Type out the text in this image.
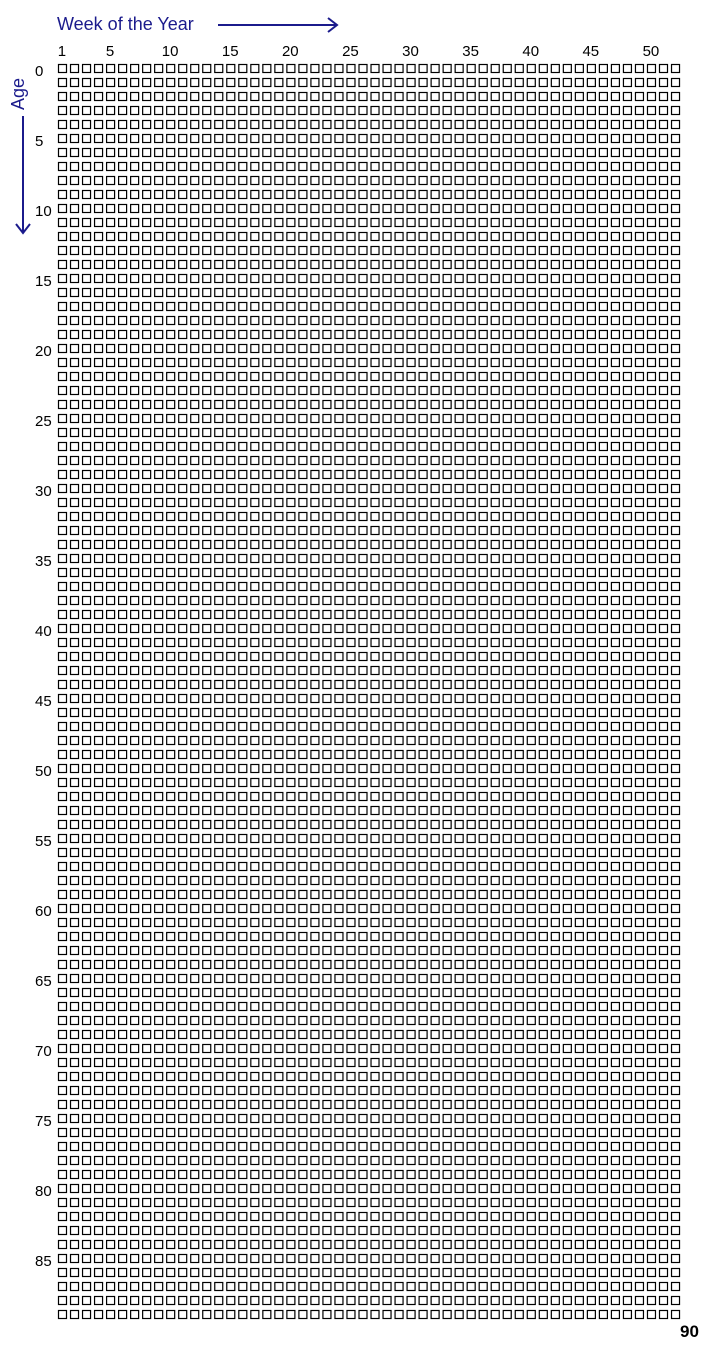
Week of the Year
Age
1	5	10	15	20	25	30	35	40	45	50
0
5
10
15
20
25
30
35
40
45
50
55
60
65
70
75
80
85
90
